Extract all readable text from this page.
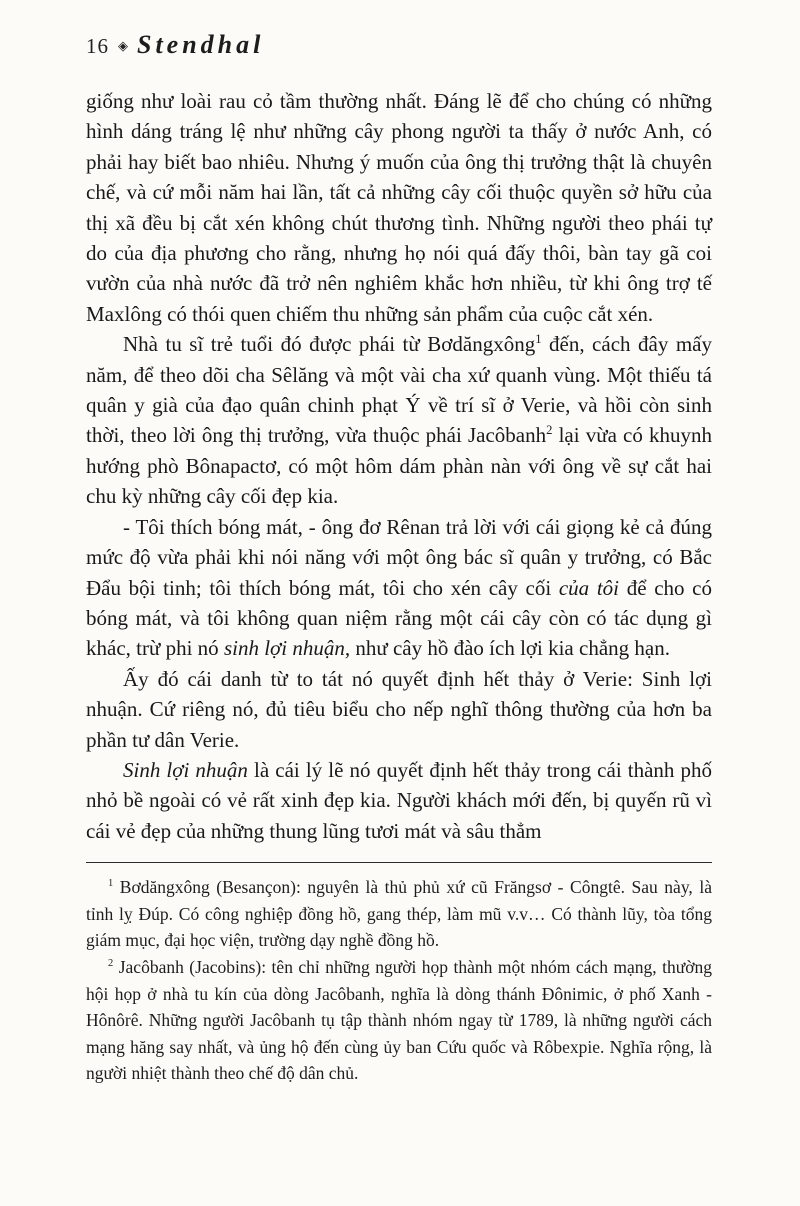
16 ◈ Stendhal

giống như loài rau cỏ tầm thường nhất. Đáng lẽ để cho chúng có những hình dáng tráng lệ như những cây phong người ta thấy ở nước Anh, có phải hay biết bao nhiêu. Nhưng ý muốn của ông thị trưởng thật là chuyên chế, và cứ mỗi năm hai lần, tất cả những cây cối thuộc quyền sở hữu của thị xã đều bị cắt xén không chút thương tình. Những người theo phái tự do của địa phương cho rằng, nhưng họ nói quá đấy thôi, bàn tay gã coi vườn của nhà nước đã trở nên nghiêm khắc hơn nhiều, từ khi ông trợ tế Maxlông có thói quen chiếm thu những sản phẩm của cuộc cắt xén.

Nhà tu sĩ trẻ tuổi đó được phái từ Bơdăngxông$^1$ đến, cách đây mấy năm, để theo dõi cha Sêlăng và một vài cha xứ quanh vùng. Một thiếu tá quân y già của đạo quân chinh phạt Ý về trí sĩ ở Verie, và hồi còn sinh thời, theo lời ông thị trưởng, vừa thuộc phái Jacôbanh$^2$ lại vừa có khuynh hướng phò Bônapactơ, có một hôm dám phàn nàn với ông về sự cắt hai chu kỳ những cây cối đẹp kia.

- Tôi thích bóng mát, - ông đơ Rênan trả lời với cái giọng kẻ cả đúng mức độ vừa phải khi nói năng với một ông bác sĩ quân y trưởng, có Bắc Đẩu bội tinh; tôi thích bóng mát, tôi cho xén cây cối của tôi để cho có bóng mát, và tôi không quan niệm rằng một cái cây còn có tác dụng gì khác, trừ phi nó sinh lợi nhuận, như cây hồ đào ích lợi kia chẳng hạn.

Ấy đó cái danh từ to tát nó quyết định hết thảy ở Verie: Sinh lợi nhuận. Cứ riêng nó, đủ tiêu biểu cho nếp nghĩ thông thường của hơn ba phần tư dân Verie.

Sinh lợi nhuận là cái lý lẽ nó quyết định hết thảy trong cái thành phố nhỏ bề ngoài có vẻ rất xinh đẹp kia. Người khách mới đến, bị quyến rũ vì cái vẻ đẹp của những thung lũng tươi mát và sâu thẳm

$^1$ Bơdăngxông (Besançon): nguyên là thủ phủ xứ cũ Frăngsơ - Côngtê. Sau này, là tỉnh lỵ Đúp. Có công nghiệp đồng hồ, gang thép, làm mũ v.v… Có thành lũy, tòa tổng giám mục, đại học viện, trường dạy nghề đồng hồ.

$^2$ Jacôbanh (Jacobins): tên chỉ những người họp thành một nhóm cách mạng, thường hội họp ở nhà tu kín của dòng Jacôbanh, nghĩa là dòng thánh Đônimic, ở phố Xanh - Hônôrê. Những người Jacôbanh tụ tập thành nhóm ngay từ 1789, là những người cách mạng hăng say nhất, và ủng hộ đến cùng ủy ban Cứu quốc và Rôbexpie. Nghĩa rộng, là người nhiệt thành theo chế độ dân chủ.
